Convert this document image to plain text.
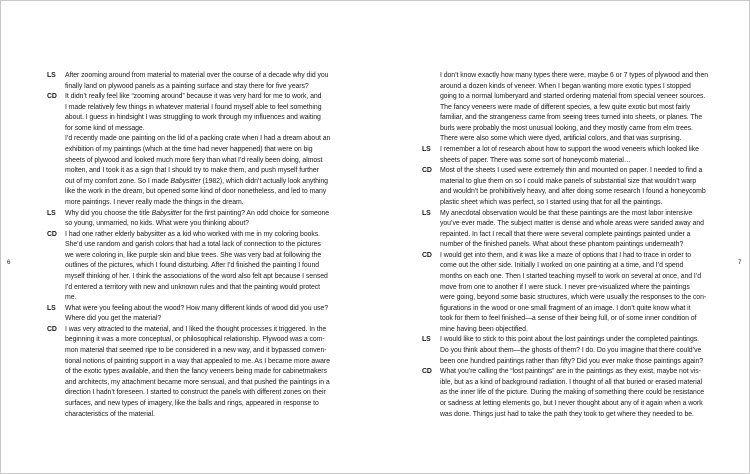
6	7
LS After zooming around from material to material over the course of a decade why did you
finally land on plywood panels as a painting surface and stay there for five years?
CD It didn’t really feel like “zooming around” because it was very hard for me to work, and
I made relatively few things in whatever material I found myself able to feel something
about. I guess in hindsight I was struggling to work through my influences and waiting
for some kind of message.
I’d recently made one painting on the lid of a packing crate when I had a dream about an
exhibition of my paintings (which at the time had never happened) that were on big
sheets of plywood and looked much more fiery than what I’d really been doing, almost
molten, and I took it as a sign that I should try to make them, and push myself further
out of my comfort zone. So I made Babysitter (1982), which didn’t actually look anything
like the work in the dream, but opened some kind of door nonetheless, and led to many
more paintings. I never really made the things in the dream.
LS Why did you choose the title Babysitter for the first painting? An odd choice for someone
so young, unmarried, no kids. What were you thinking about?
CD I had one rather elderly babysitter as a kid who worked with me in my coloring books.
She’d use random and garish colors that had a total lack of connection to the pictures
we were coloring in, like purple skin and blue trees. She was very bad at following the
outlines of the pictures, which I found disturbing. After I’d finished the painting I found
myself thinking of her. I think the associations of the word also felt apt because I sensed
I’d entered a territory with new and unknown rules and that the painting would protect
me.
LS What were you feeling about the wood? How many different kinds of wood did you use?
Where did you get the material?
CD I was very attracted to the material, and I liked the thought processes it triggered. In the
beginning it was a more conceptual, or philosophical relationship. Plywood was a com-
mon material that seemed ripe to be considered in a new way, and it bypassed conven-
tional notions of painting support in a way that appealed to me. As I became more aware
of the exotic types available, and then the fancy veneers being made for cabinetmakers
and architects, my attachment became more sensual, and that pushed the paintings in a
direction I hadn’t foreseen. I started to construct the panels with different zones on their
surfaces, and new types of imagery, like the balls and rings, appeared in response to
characteristics of the material.
I don’t know exactly how many types there were, maybe 6 or 7 types of plywood and then
around a dozen kinds of veneer. When I began wanting more exotic types I stopped
going to a normal lumberyard and started ordering material from special veneer sources.
The fancy veneers were made of different species, a few quite exotic but most fairly
familiar, and the strangeness came from seeing trees turned into sheets, or planes. The
burls were probably the most unusual looking, and they mostly came from elm trees.
There were also some which were dyed, artificial colors, and that was surprising.
LS I remember a lot of research about how to support the wood veneers which looked like
sheets of paper. There was some sort of honeycomb material…
CD Most of the sheets I used were extremely thin and mounted on paper. I needed to find a
material to glue them on so I could make panels of substantial size that wouldn’t warp
and wouldn’t be prohibitively heavy, and after doing some research I found a honeycomb
plastic sheet which was perfect, so I started using that for all the paintings.
LS My anecdotal observation would be that these paintings are the most labor intensive
you’ve ever made. The subject matter is dense and whole areas were sanded away and
repainted. In fact I recall that there were several complete paintings painted under a
number of the finished panels. What about these phantom paintings underneath?
CD I would get into them, and it was like a maze of options that I had to trace in order to
come out the other side. Initially I worked on one painting at a time, and I’d spend
months on each one. Then I started teaching myself to work on several at once, and I’d
move from one to another if I were stuck. I never pre-visualized where the paintings
were going, beyond some basic structures, which were usually the responses to the con-
figurations in the wood or one small fragment of an image. I don’t quite know what it
took for them to feel finished—a sense of their being full, or of some inner condition of
mine having been objectified.
LS I would like to stick to this point about the lost paintings under the completed paintings.
Do you think about them—the ghosts of them? I do. Do you imagine that there could’ve
been one hundred paintings rather than fifty? Did you ever make those paintings again?
CD What you’re calling the “lost paintings” are in the paintings as they exist, maybe not vis-
ible, but as a kind of background radiation. I thought of all that buried or erased material
as the inner life of the picture. During the making of something there could be resistance
or sadness at letting elements go, but I never thought about any of it again when a work
was done. Things just had to take the path they took to get where they needed to be.
